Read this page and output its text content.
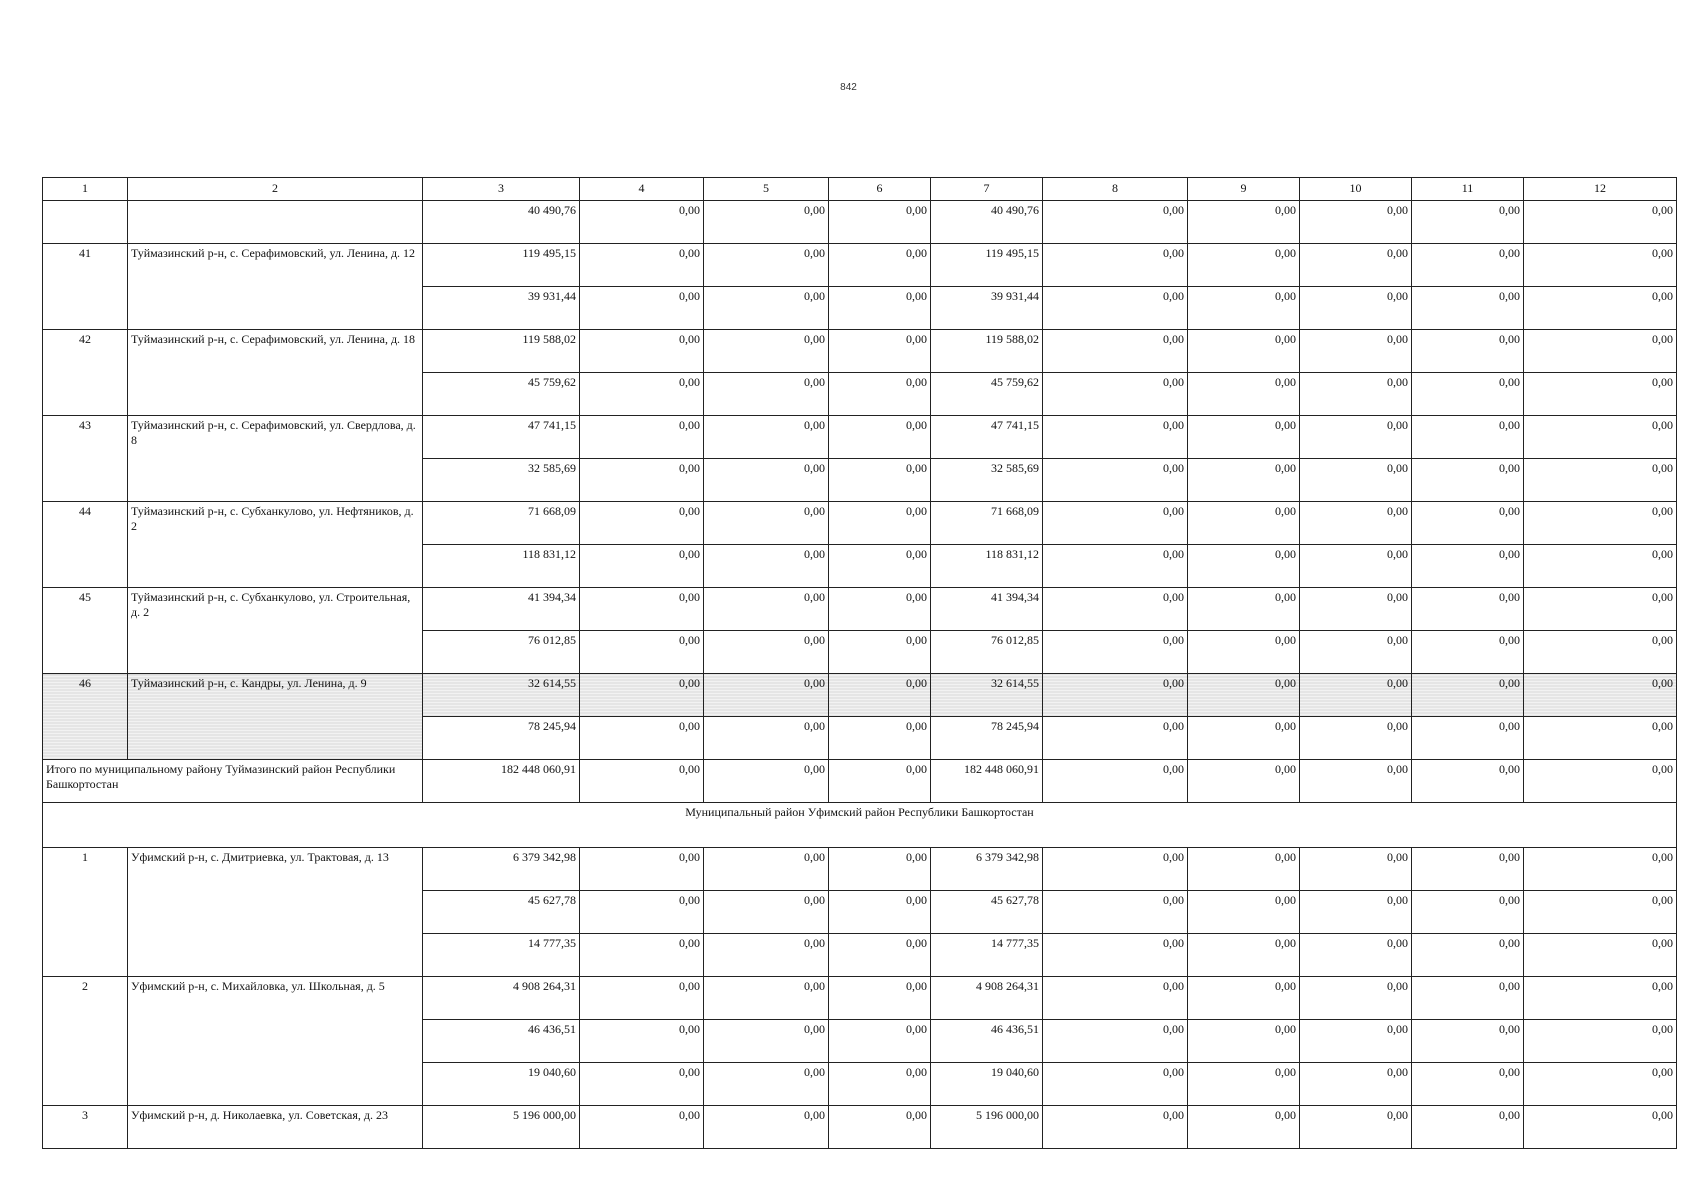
842
1	2	3	4	5	6	7	8	9	10	11	12
		40 490,76	0,00	0,00	0,00	40 490,76	0,00	0,00	0,00	0,00	0,00
41	Туймазинский р-н, с. Серафимовский, ул. Ленина, д. 12	119 495,15	0,00	0,00	0,00	119 495,15	0,00	0,00	0,00	0,00	0,00
		39 931,44	0,00	0,00	0,00	39 931,44	0,00	0,00	0,00	0,00	0,00
42	Туймазинский р-н, с. Серафимовский, ул. Ленина, д. 18	119 588,02	0,00	0,00	0,00	119 588,02	0,00	0,00	0,00	0,00	0,00
		45 759,62	0,00	0,00	0,00	45 759,62	0,00	0,00	0,00	0,00	0,00
43	Туймазинский р-н, с. Серафимовский, ул. Свердлова, д. 8	47 741,15	0,00	0,00	0,00	47 741,15	0,00	0,00	0,00	0,00	0,00
		32 585,69	0,00	0,00	0,00	32 585,69	0,00	0,00	0,00	0,00	0,00
44	Туймазинский р-н, с. Субханкулово, ул. Нефтяников, д. 2	71 668,09	0,00	0,00	0,00	71 668,09	0,00	0,00	0,00	0,00	0,00
		118 831,12	0,00	0,00	0,00	118 831,12	0,00	0,00	0,00	0,00	0,00
45	Туймазинский р-н, с. Субханкулово, ул. Строительная, д. 2	41 394,34	0,00	0,00	0,00	41 394,34	0,00	0,00	0,00	0,00	0,00
		76 012,85	0,00	0,00	0,00	76 012,85	0,00	0,00	0,00	0,00	0,00
46	Туймазинский р-н, с. Кандры, ул. Ленина, д. 9	32 614,55	0,00	0,00	0,00	32 614,55	0,00	0,00	0,00	0,00	0,00
		78 245,94	0,00	0,00	0,00	78 245,94	0,00	0,00	0,00	0,00	0,00
Итого по муниципальному району Туймазинский район Республики Башкортостан		182 448 060,91	0,00	0,00	0,00	182 448 060,91	0,00	0,00	0,00	0,00	0,00
Муниципальный район Уфимский район Республики Башкортостан											
1	Уфимский р-н, с. Дмитриевка, ул. Трактовая, д. 13	6 379 342,98	0,00	0,00	0,00	6 379 342,98	0,00	0,00	0,00	0,00	0,00
		45 627,78	0,00	0,00	0,00	45 627,78	0,00	0,00	0,00	0,00	0,00
		14 777,35	0,00	0,00	0,00	14 777,35	0,00	0,00	0,00	0,00	0,00
2	Уфимский р-н, с. Михайловка, ул. Школьная, д. 5	4 908 264,31	0,00	0,00	0,00	4 908 264,31	0,00	0,00	0,00	0,00	0,00
		46 436,51	0,00	0,00	0,00	46 436,51	0,00	0,00	0,00	0,00	0,00
		19 040,60	0,00	0,00	0,00	19 040,60	0,00	0,00	0,00	0,00	0,00
3	Уфимский р-н, д. Николаевка, ул. Советская, д. 23	5 196 000,00	0,00	0,00	0,00	5 196 000,00	0,00	0,00	0,00	0,00	0,00
